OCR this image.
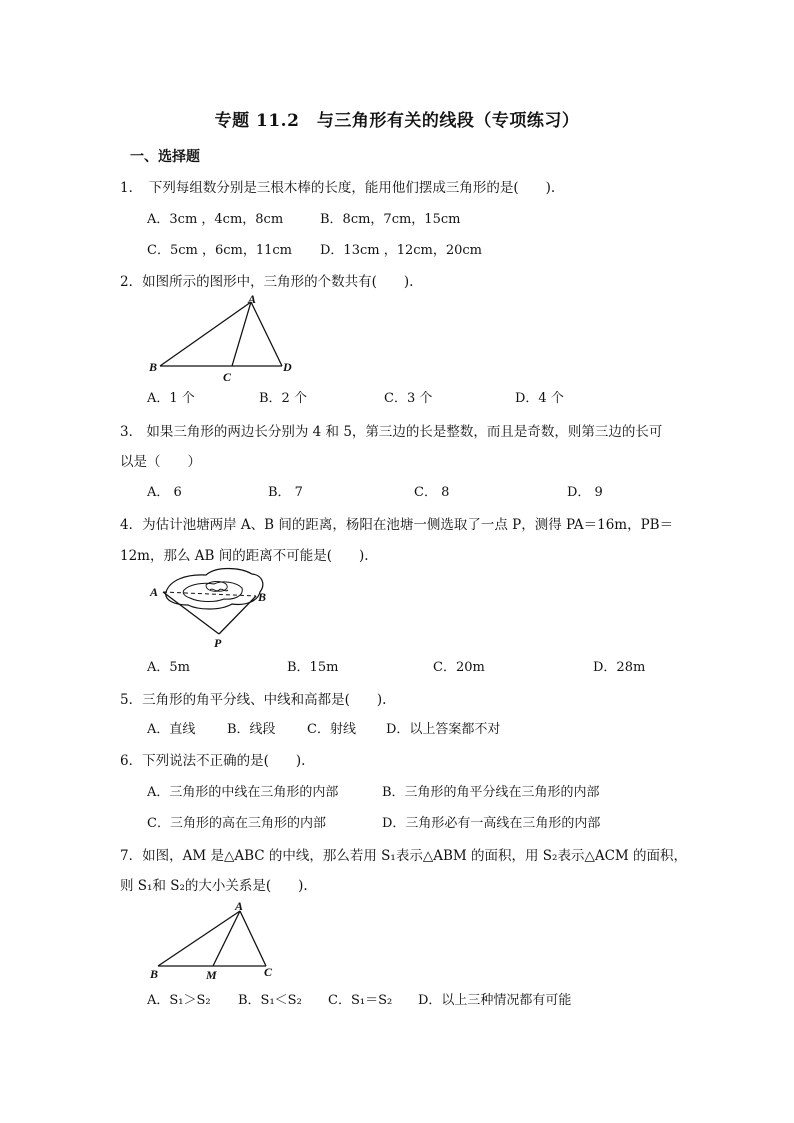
专题 11.2　与三角形有关的线段（专项练习）
一、选择题
1．　下列每组数分别是三根木棒的长度，能用他们摆成三角形的是(　　).
A．3cm ，4cm，8cm	B．8cm，7cm，15cm
C．5cm ，6cm，11cm D．13cm ，12cm，20cm
2．如图所示的图形中，三角形的个数共有(　　).
A
B
C
D
A．1 个	B．2 个	C．3 个	D．4 个
3． 如果三角形的两边长分别为 4 和 5，第三边的长是整数，而且是奇数，则第三边的长可
以是（　　）
A． 6	B． 7	C． 8	D． 9
4．为估计池塘两岸 A、B 间的距离，杨阳在池塘一侧选取了一点 P，测得 PA＝16m，PB＝
12m，那么 AB 间的距离不可能是(　　).
A	B
P
A．5m	B．15m	C．20m	D．28m
5．三角形的角平分线、中线和高都是(　　).
A．直线 B．线段 C．射线 D．以上答案都不对
6．下列说法不正确的是(　　).
A．三角形的中线在三角形的内部	B．三角形的角平分线在三角形的内部
C．三角形的高在三角形的内部	D．三角形必有一高线在三角形的内部
7．如图，AM 是△ABC 的中线，那么若用 S₁表示△ABM 的面积，用 S₂表示△ACM 的面积，
则 S₁和 S₂的大小关系是(　　).
A
B	M	C
A．S₁＞S₂ B．S₁＜S₂ C．S₁＝S₂ D．以上三种情况都有可能
